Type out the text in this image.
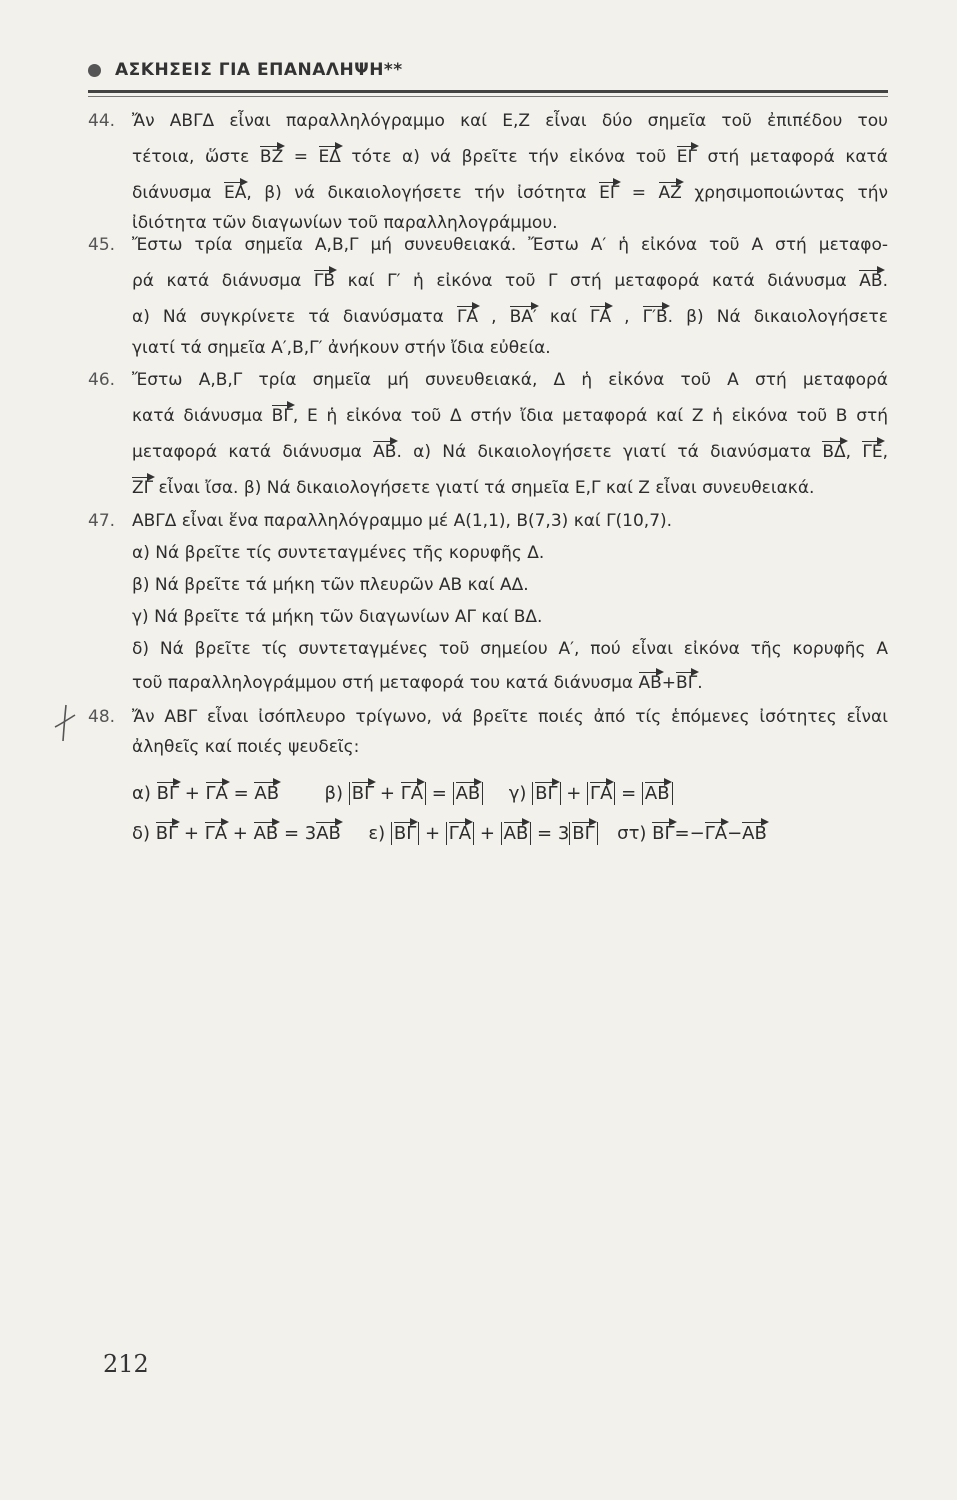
ΑΣΚΗΣΕΙΣ ΓΙΑ ΕΠΑΝΑΛΗΨΗ**
44. Ἄν ΑΒΓΔ εἶναι παραλληλόγραμμο καί Ε,Ζ εἶναι δύο σημεῖα τοῦ ἐπιπέδου του
τέτοια, ὥστε ΒΖ = ΕΔ τότε α) νά βρεῖτε τήν εἰκόνα τοῦ ΕΓ στή μεταφορά κατά
διάνυσμα ΕΑ, β) νά δικαιολογήσετε τήν ἰσότητα ΕΓ = ΑΖ χρησιμοποιώντας τήν
ἰδιότητα τῶν διαγωνίων τοῦ παραλληλογράμμου.
45. Ἔστω τρία σημεῖα Α,Β,Γ μή συνευθειακά. Ἔστω Α′ ἡ εἰκόνα τοῦ Α στή μεταφο-
ρά κατά διάνυσμα ΓΒ καί Γ′ ἡ εἰκόνα τοῦ Γ στή μεταφορά κατά διάνυσμα ΑΒ.
α) Νά συγκρίνετε τά διανύσματα ΓΑ , ΒΑ′ καί ΓΑ , Γ′Β. β) Νά δικαιολογήσετε
γιατί τά σημεῖα Α′,Β,Γ′ ἀνήκουν στήν ἴδια εὐθεία.
46. Ἔστω Α,Β,Γ τρία σημεῖα μή συνευθειακά, Δ ἡ εἰκόνα τοῦ Α στή μεταφορά
κατά διάνυσμα ΒΓ, Ε ἡ εἰκόνα τοῦ Δ στήν ἴδια μεταφορά καί Ζ ἡ εἰκόνα τοῦ Β στή
μεταφορά κατά διάνυσμα ΑΒ. α) Νά δικαιολογήσετε γιατί τά διανύσματα ΒΔ, ΓΕ,
ΖΓ εἶναι ἴσα. β) Νά δικαιολογήσετε γιατί τά σημεῖα Ε,Γ καί Ζ εἶναι συνευθειακά.
47. ΑΒΓΔ εἶναι ἕνα παραλληλόγραμμο μέ Α(1,1), Β(7,3) καί Γ(10,7).
α) Νά βρεῖτε τίς συντεταγμένες τῆς κορυφῆς Δ.
β) Νά βρεῖτε τά μήκη τῶν πλευρῶν ΑΒ καί ΑΔ.
γ) Νά βρεῖτε τά μήκη τῶν διαγωνίων ΑΓ καί ΒΔ.
δ) Νά βρεῖτε τίς συντεταγμένες τοῦ σημείου Α′, πού εἶναι εἰκόνα τῆς κορυφῆς Α
τοῦ παραλληλογράμμου στή μεταφορά του κατά διάνυσμα ΑΒ+ΒΓ.
48. Ἄν ΑΒΓ εἶναι ἰσόπλευρο τρίγωνο, νά βρεῖτε ποιές ἀπό τίς ἑπόμενες ἰσότητες εἶναι
ἀληθεῖς καί ποιές ψευδεῖς:
α) ΒΓ + ΓΑ = ΑΒ	β) ΒΓ + ΓΑ = ΑΒ γ) ΒΓ + ΓΑ = ΑΒ
δ) ΒΓ + ΓΑ + ΑΒ = 3ΑΒ ε) ΒΓ + ΓΑ + ΑΒ = 3 ΒΓ στ) ΒΓ=−ΓΑ−ΑΒ
212
